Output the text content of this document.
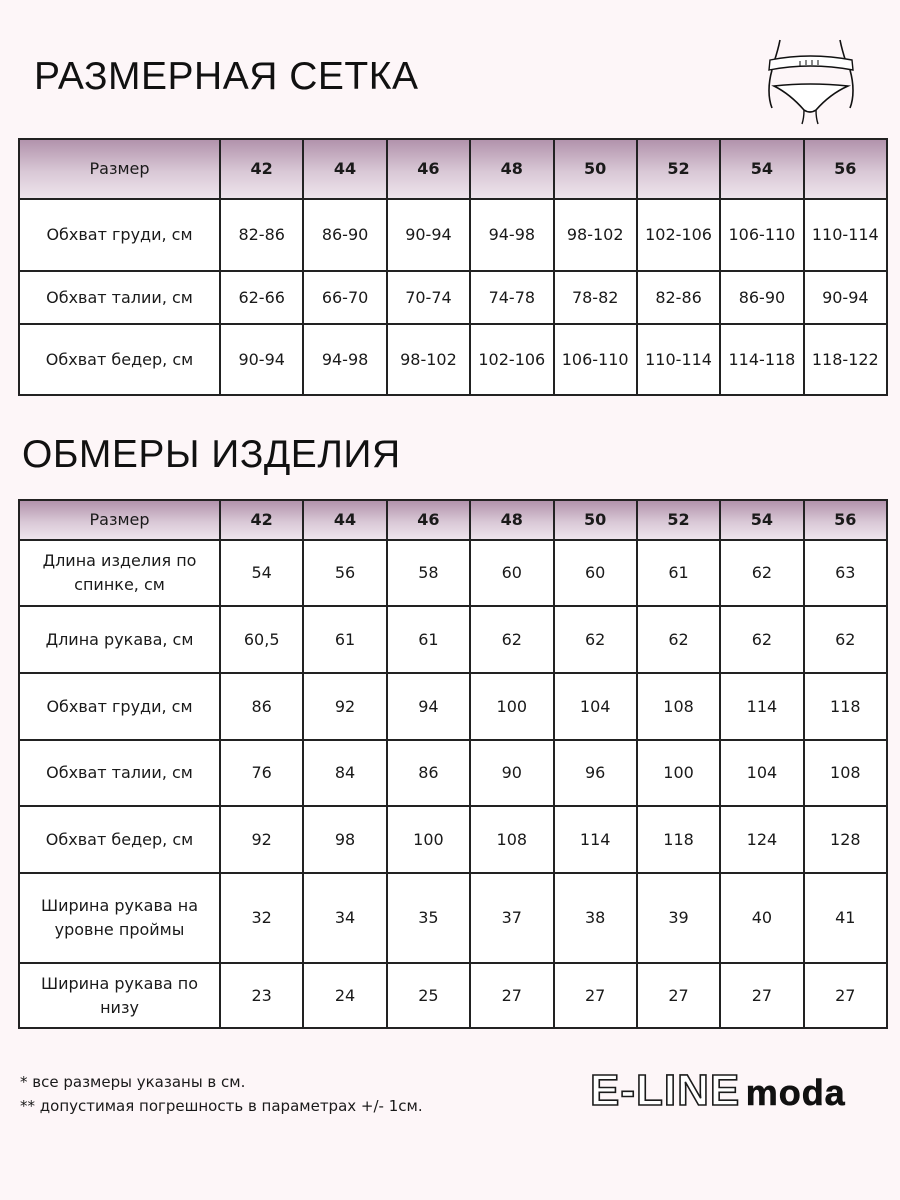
РАЗМЕРНАЯ СЕТКА
Размер	42	44	46	48	50	52	54	56
Обхват груди, см	82-86	86-90	90-94	94-98	98-102	102-106	106-110	110-114
Обхват талии, см	62-66	66-70	70-74	74-78	78-82	82-86	86-90	90-94
Обхват бедер, см	90-94	94-98	98-102	102-106	106-110	110-114	114-118	118-122
ОБМЕРЫ ИЗДЕЛИЯ
Размер	42	44	46	48	50	52	54	56
Длина изделия по спинке, см	54	56	58	60	60	61	62	63
Длина рукава, см	60,5	61	61	62	62	62	62	62
Обхват груди, см	86	92	94	100	104	108	114	118
Обхват талии, см	76	84	86	90	96	100	104	108
Обхват бедер, см	92	98	100	108	114	118	124	128
Ширина рукава на уровне проймы	32	34	35	37	38	39	40	41
Ширина рукава по низу	23	24	25	27	27	27	27	27
* все размеры указаны в см.
** допустимая погрешность в параметрах +/- 1см.	E-LINE moda
